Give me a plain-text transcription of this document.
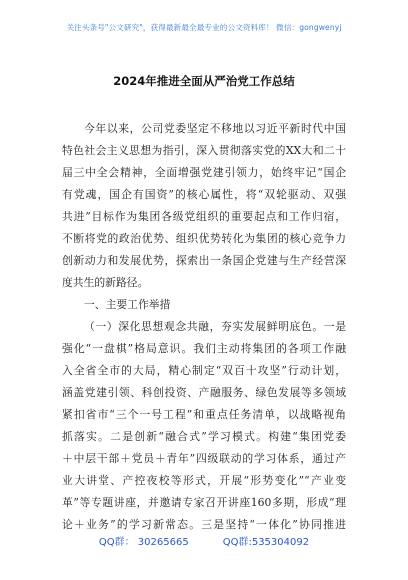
关注头条号"公文研究"，获得最新最全最专业的公文资料库！ 微信：gongwenyj
2024年推进全面从严治党工作总结
今年以来，公司党委坚定不移地以习近平新时代中国
特色社会主义思想为指引，深入贯彻落实党的XX大和二十
届三中全会精神，全面增强党建引领力，始终牢记“国企
有党魂，国企有国资”的核心属性，将“双轮驱动、双强
共进”目标作为集团各级党组织的重要起点和工作归宿，
不断将党的政治优势、组织优势转化为集团的核心竞争力
创新动力和发展优势，探索出一条国企党建与生产经营深
度共生的新路径。
一、主要工作举措
（一）深化思想观念共融，夯实发展鲜明底色。一是
强化“一盘棋”格局意识。我们主动将集团的各项工作融
入全省全市的大局，精心制定“双百十攻坚”行动计划，
涵盖党建引领、科创投资、产融服务、绿色发展等多领域
紧扣省市“三个一号工程”和重点任务清单，以战略视角
抓落实。二是创新“融合式”学习模式。构建“集团党委
＋中层干部＋党员＋青年”四级联动的学习体系，通过产
业大讲堂、产控夜校等形式，开展“形势变化”“产业变
革”等专题讲座，并邀请专家召开讲座160多期，形成“理
论＋业务”的学习新常态。三是坚持“一体化”协同推进
QQ群： 30265665	QQ群:535304092
